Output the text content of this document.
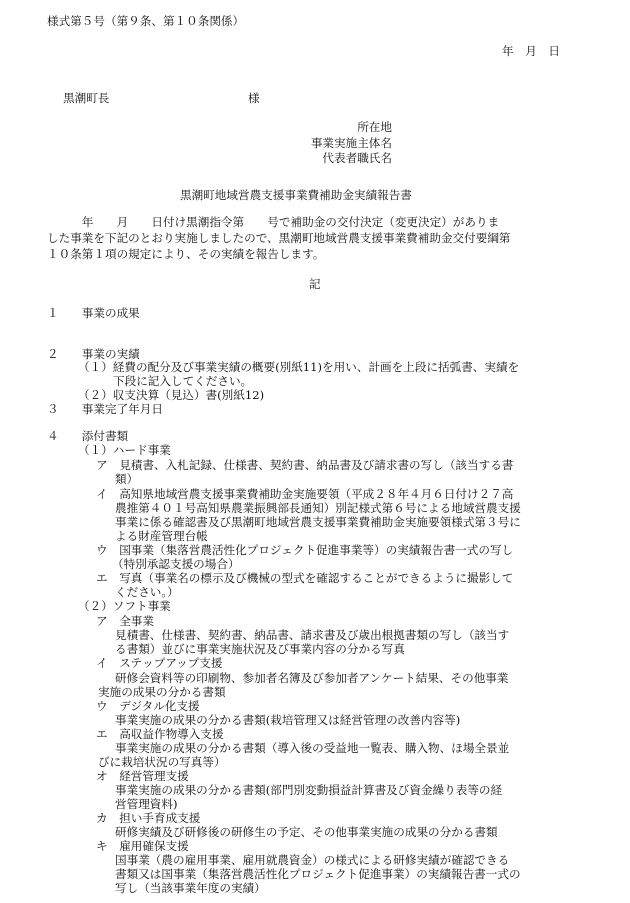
様式第５号（第９条、第１０条関係）
年　月　日
黒潮町長	様
所在地
事業実施主体名
代表者職氏名
黒潮町地域営農支援事業費補助金実績報告書
　　　年　　月　　日付け黒潮指令第　　号で補助金の交付決定（変更決定）がありま
した事業を下記のとおり実施しましたので、黒潮町地域営農支援事業費補助金交付要綱第
１０条第１項の規定により、その実績を報告します。
記
１　　事業の成果
２　　事業の実績
（１）経費の配分及び事業実績の概要(別紙11)を用い、計画を上段に括弧書、実績を
下段に記入してください。
（２）収支決算（見込）書(別紙12)
３　　事業完了年月日
４　　添付書類
（１）ハード事業
ア　見積書、入札記録、仕様書、契約書、納品書及び請求書の写し（該当する書
類）
イ　高知県地域営農支援事業費補助金実施要領（平成２８年４月６日付け２７高
農推第４０１号高知県農業振興部長通知）別記様式第６号による地域営農支援
事業に係る確認書及び黒潮町地域営農支援事業費補助金実施要領様式第３号に
よる財産管理台帳
ウ　国事業（集落営農活性化プロジェクト促進事業等）の実績報告書一式の写し
（特別承認支援の場合）
エ　写真（事業名の標示及び機械の型式を確認することができるように撮影して
ください。）
（２）ソフト事業
ア　全事業
見積書、仕様書、契約書、納品書、請求書及び歳出根拠書類の写し（該当す
る書類）並びに事業実施状況及び事業内容の分かる写真
イ　ステップアップ支援
研修会資料等の印刷物、参加者名簿及び参加者アンケート結果、その他事業
実施の成果の分かる書類
ウ　デジタル化支援
事業実施の成果の分かる書類(栽培管理又は経営管理の改善内容等)
エ　高収益作物導入支援
事業実施の成果の分かる書類（導入後の受益地一覧表、購入物、ほ場全景並
びに栽培状況の写真等）
オ　経営管理支援
事業実施の成果の分かる書類(部門別変動損益計算書及び資金繰り表等の経
営管理資料)
カ　担い手育成支援
研修実績及び研修後の研修生の予定、その他事業実施の成果の分かる書類
キ　雇用確保支援
国事業（農の雇用事業、雇用就農資金）の様式による研修実績が確認できる
書類又は国事業（集落営農活性化プロジェクト促進事業）の実績報告書一式の
写し（当該事業年度の実績）
